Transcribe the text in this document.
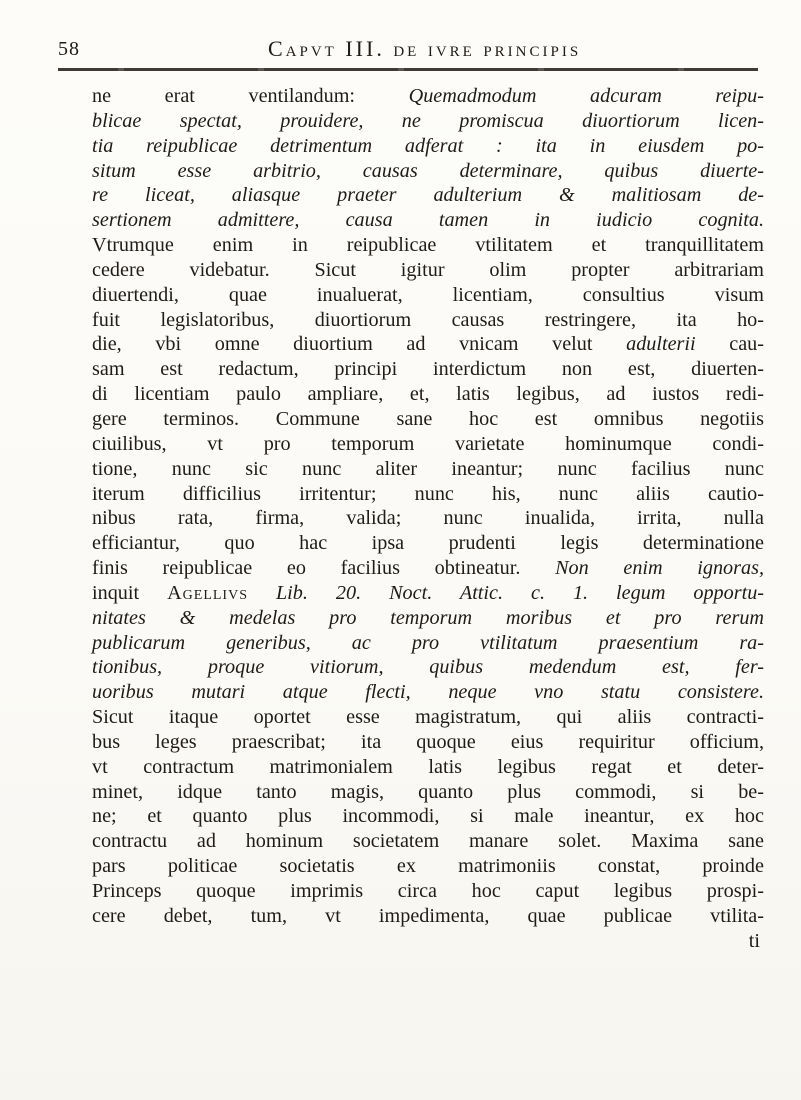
58	Capvt III. de ivre principis
ne erat ventilandum: Quemadmodum adcuram reipu-
blicae spectat, prouidere, ne promiscua diuortiorum licen-
tia reipublicae detrimentum adferat : ita in eiusdem po-
situm esse arbitrio, causas determinare, quibus diuerte-
re liceat, aliasque praeter adulterium & malitiosam de-
sertionem admittere, causa tamen in iudicio cognita.
Vtrumque enim in reipublicae vtilitatem et tranquillitatem
cedere videbatur. Sicut igitur olim propter arbitrariam
diuertendi, quae inualuerat, licentiam, consultius visum
fuit legislatoribus, diuortiorum causas restringere, ita ho-
die, vbi omne diuortium ad vnicam velut adulterii cau-
sam est redactum, principi interdictum non est, diuerten-
di licentiam paulo ampliare, et, latis legibus, ad iustos redi-
gere terminos. Commune sane hoc est omnibus negotiis
ciuilibus, vt pro temporum varietate hominumque condi-
tione, nunc sic nunc aliter ineantur; nunc facilius nunc
iterum difficilius irritentur; nunc his, nunc aliis cautio-
nibus rata, firma, valida; nunc inualida, irrita, nulla
efficiantur, quo hac ipsa prudenti legis determinatione
finis reipublicae eo facilius obtineatur. Non enim ignoras,
inquit Agellivs Lib. 20. Noct. Attic. c. 1. legum opportu-
nitates & medelas pro temporum moribus et pro rerum
publicarum generibus, ac pro vtilitatum praesentium ra-
tionibus, proque vitiorum, quibus medendum est, fer-
uoribus mutari atque flecti, neque vno statu consistere.
Sicut itaque oportet esse magistratum, qui aliis contracti-
bus leges praescribat; ita quoque eius requiritur officium,
vt contractum matrimonialem latis legibus regat et deter-
minet, idque tanto magis, quanto plus commodi, si be-
ne; et quanto plus incommodi, si male ineantur, ex hoc
contractu ad hominum societatem manare solet. Maxima sane
pars politicae societatis ex matrimoniis constat, proinde
Princeps quoque imprimis circa hoc caput legibus prospi-
cere debet, tum, vt impedimenta, quae publicae vtilita-
ti
